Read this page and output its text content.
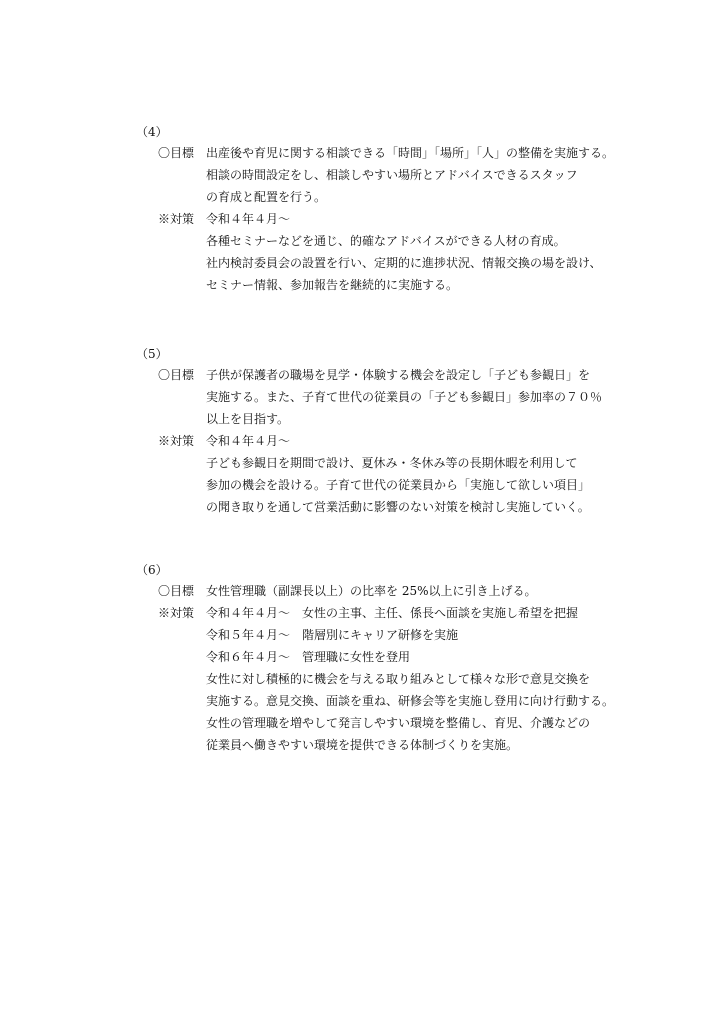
（4）
〇目標 出産後や育児に関する相談できる「時間」「場所」「人」の整備を実施する。
相談の時間設定をし、相談しやすい場所とアドバイスできるスタッフ
の育成と配置を行う。
※対策 令和４年４月～
各種セミナーなどを通じ、的確なアドバイスができる人材の育成。
社内検討委員会の設置を行い、定期的に進捗状況、情報交換の場を設け、
セミナー情報、参加報告を継続的に実施する。
（5）
〇目標 子供が保護者の職場を見学・体験する機会を設定し「子ども参観日」を
実施する。また、子育て世代の従業員の「子ども参観日」参加率の７０％
以上を目指す。
※対策 令和４年４月～
子ども参観日を期間で設け、夏休み・冬休み等の長期休暇を利用して
参加の機会を設ける。子育て世代の従業員から「実施して欲しい項目」
の聞き取りを通して営業活動に影響のない対策を検討し実施していく。
（6）
〇目標 女性管理職（副課長以上）の比率を 25%以上に引き上げる。
※対策 令和４年４月～　女性の主事、主任、係長へ面談を実施し希望を把握
令和５年４月～　階層別にキャリア研修を実施
令和６年４月～　管理職に女性を登用
女性に対し積極的に機会を与える取り組みとして様々な形で意見交換を
実施する。意見交換、面談を重ね、研修会等を実施し登用に向け行動する。
女性の管理職を増やして発言しやすい環境を整備し、育児、介護などの
従業員へ働きやすい環境を提供できる体制づくりを実施。
